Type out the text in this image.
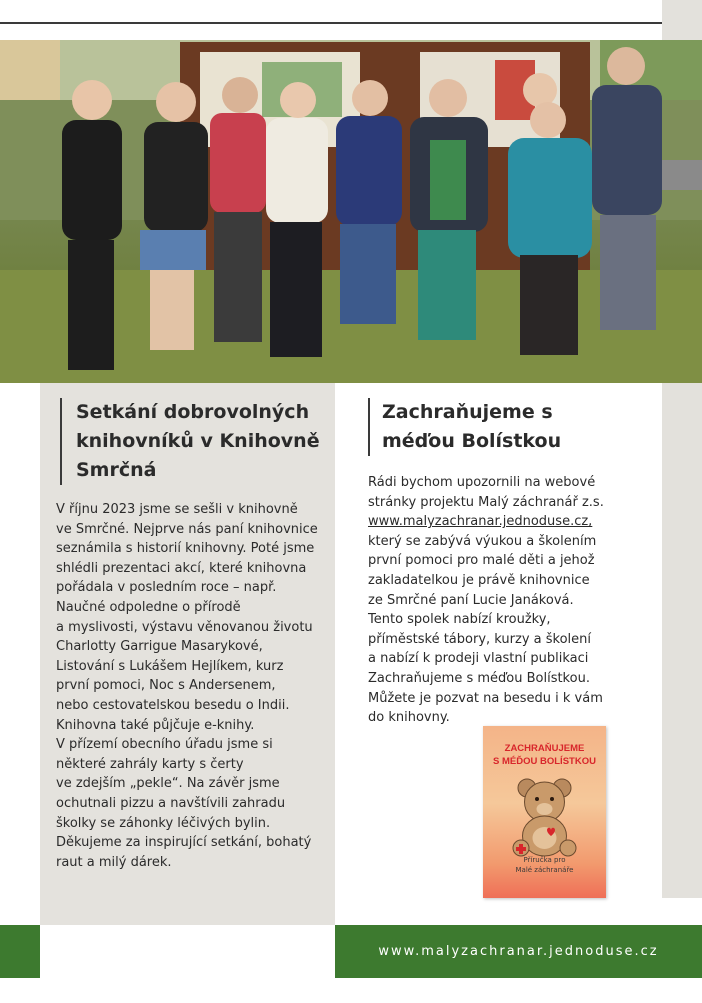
Setkání dobrovolných
knihovníků v Knihovně
Smrčná
V říjnu 2023 jsme se sešli v knihovně
ve Smrčné. Nejprve nás paní knihovnice
seznámila s historií knihovny. Poté jsme
shlédli prezentaci akcí, které knihovna
pořádala v posledním roce – např.
Naučné odpoledne o přírodě
a myslivosti, výstavu věnovanou životu
Charlotty Garrigue Masarykové,
Listování s Lukášem Hejlíkem, kurz
první pomoci, Noc s Andersenem,
nebo cestovatelskou besedu o Indii.
Knihovna také půjčuje e-knihy.
V přízemí obecního úřadu jsme si
některé zahrály karty s čerty
ve zdejším „pekle“. Na závěr jsme
ochutnali pizzu a navštívili zahradu
školky se záhonky léčivých bylin.
Děkujeme za inspirující setkání, bohatý
raut a milý dárek.
Zachraňujeme s
méďou Bolístkou
Rádi bychom upozornili na webové
stránky projektu Malý záchranář z.s.
www.malyzachranar.jednoduse.cz,
který se zabývá výukou a školením
první pomoci pro malé děti a jehož
zakladatelkou je právě knihovnice
ze Smrčné paní Lucie Janáková.
Tento spolek nabízí kroužky,
příměstské tábory, kurzy a školení
a nabízí k prodeji vlastní publikaci
Zachraňujeme s méďou Bolístkou.
Můžete je pozvat na besedu i k vám
do knihovny.
ZACHRAŇUJEME
S MÉĎOU BOLÍSTKOU
Příručka pro
Malé záchranáře
www.malyzachranar.jednoduse.cz
